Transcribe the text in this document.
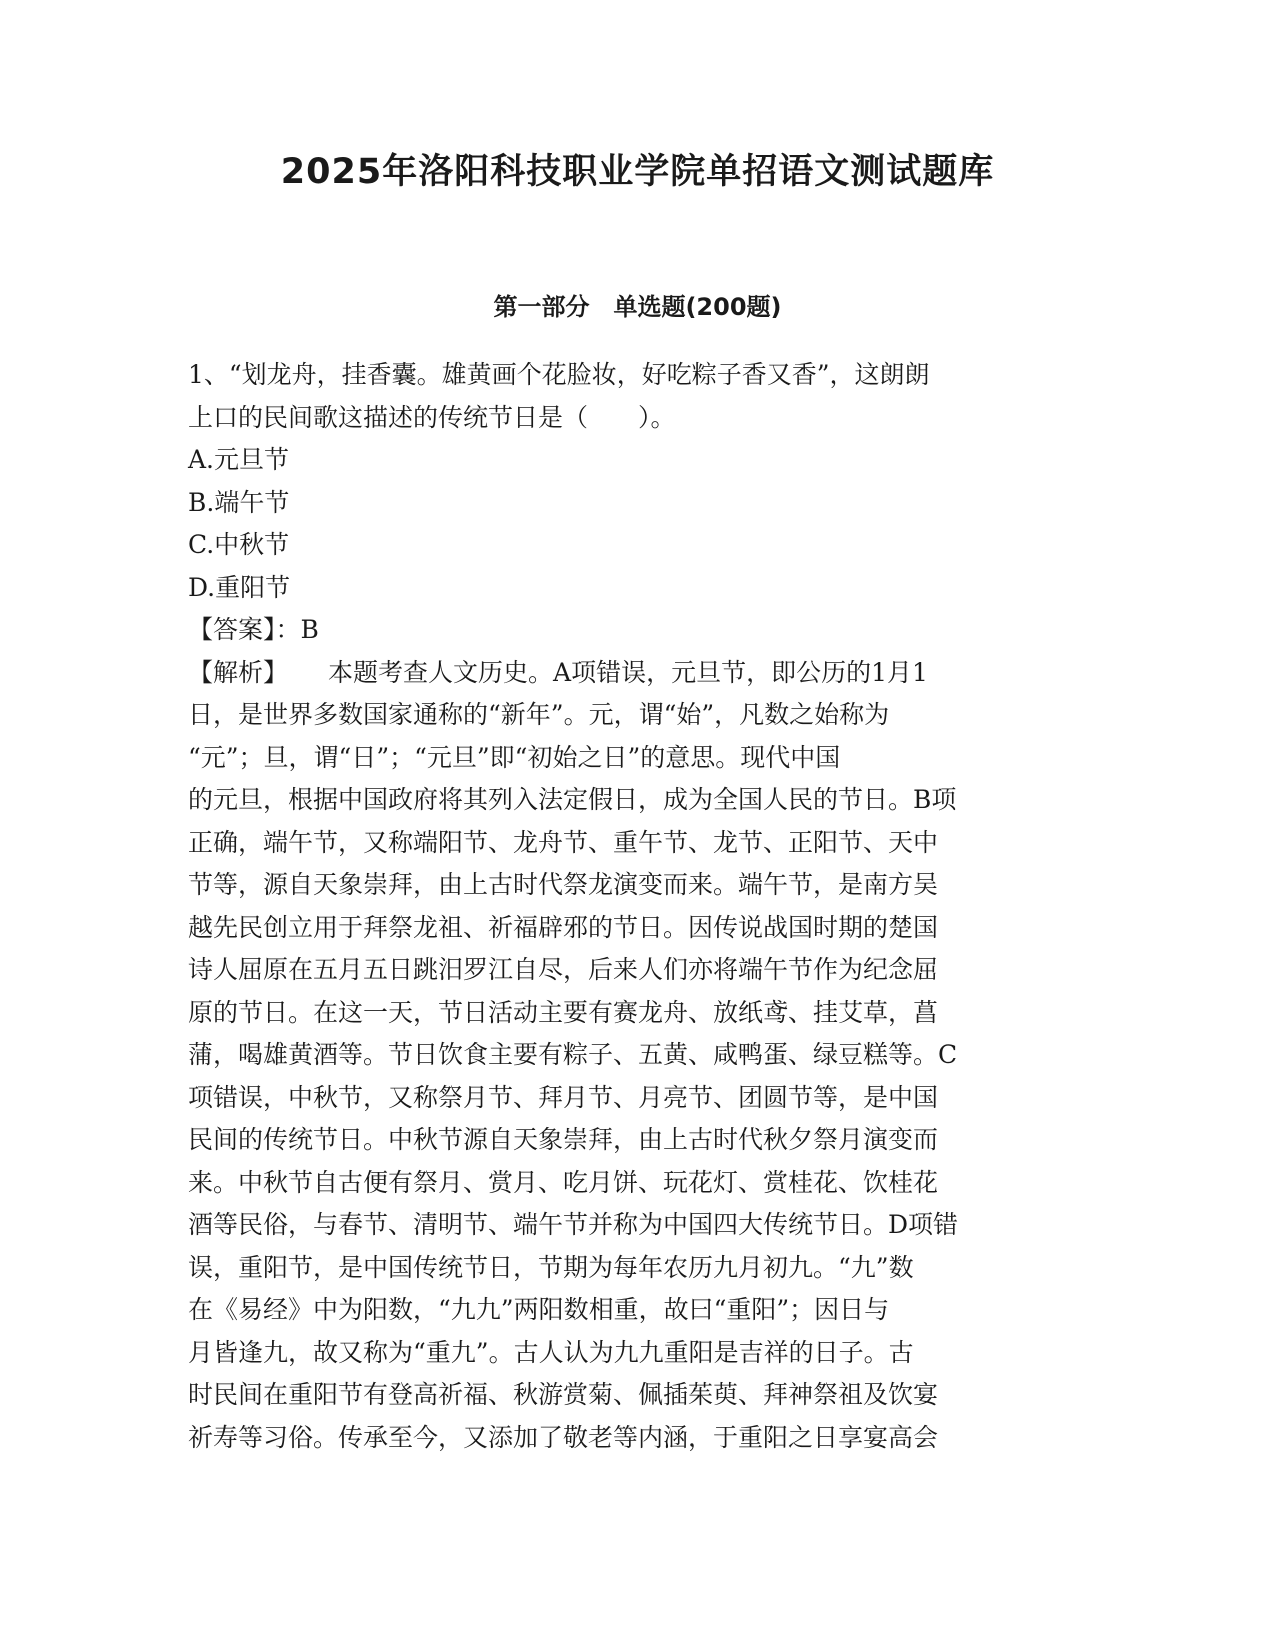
2025年洛阳科技职业学院单招语文测试题库
第一部分　单选题(200题)
1、“划龙舟，挂香囊。雄黄画个花脸妆，好吃粽子香又香”，这朗朗
上口的民间歌这描述的传统节日是（　　）。
A.元旦节
B.端午节
C.中秋节
D.重阳节
【答案】：B
【解析】 本题考查人文历史。A项错误，元旦节，即公历的1月1
日，是世界多数国家通称的“新年”。元，谓“始”，凡数之始称为
“元”；旦，谓“日”；“元旦”即“初始之日”的意思。现代中国
的元旦，根据中国政府将其列入法定假日，成为全国人民的节日。B项
正确，端午节，又称端阳节、龙舟节、重午节、龙节、正阳节、天中
节等，源自天象崇拜，由上古时代祭龙演变而来。端午节，是南方吴
越先民创立用于拜祭龙祖、祈福辟邪的节日。因传说战国时期的楚国
诗人屈原在五月五日跳汨罗江自尽，后来人们亦将端午节作为纪念屈
原的节日。在这一天，节日活动主要有赛龙舟、放纸鸢、挂艾草，菖
蒲，喝雄黄酒等。节日饮食主要有粽子、五黄、咸鸭蛋、绿豆糕等。C
项错误，中秋节，又称祭月节、拜月节、月亮节、团圆节等，是中国
民间的传统节日。中秋节源自天象崇拜，由上古时代秋夕祭月演变而
来。中秋节自古便有祭月、赏月、吃月饼、玩花灯、赏桂花、饮桂花
酒等民俗，与春节、清明节、端午节并称为中国四大传统节日。D项错
误，重阳节，是中国传统节日，节期为每年农历九月初九。“九”数
在《易经》中为阳数，“九九”两阳数相重，故曰“重阳”；因日与
月皆逢九，故又称为“重九”。古人认为九九重阳是吉祥的日子。古
时民间在重阳节有登高祈福、秋游赏菊、佩插茱萸、拜神祭祖及饮宴
祈寿等习俗。传承至今，又添加了敬老等内涵，于重阳之日享宴高会
